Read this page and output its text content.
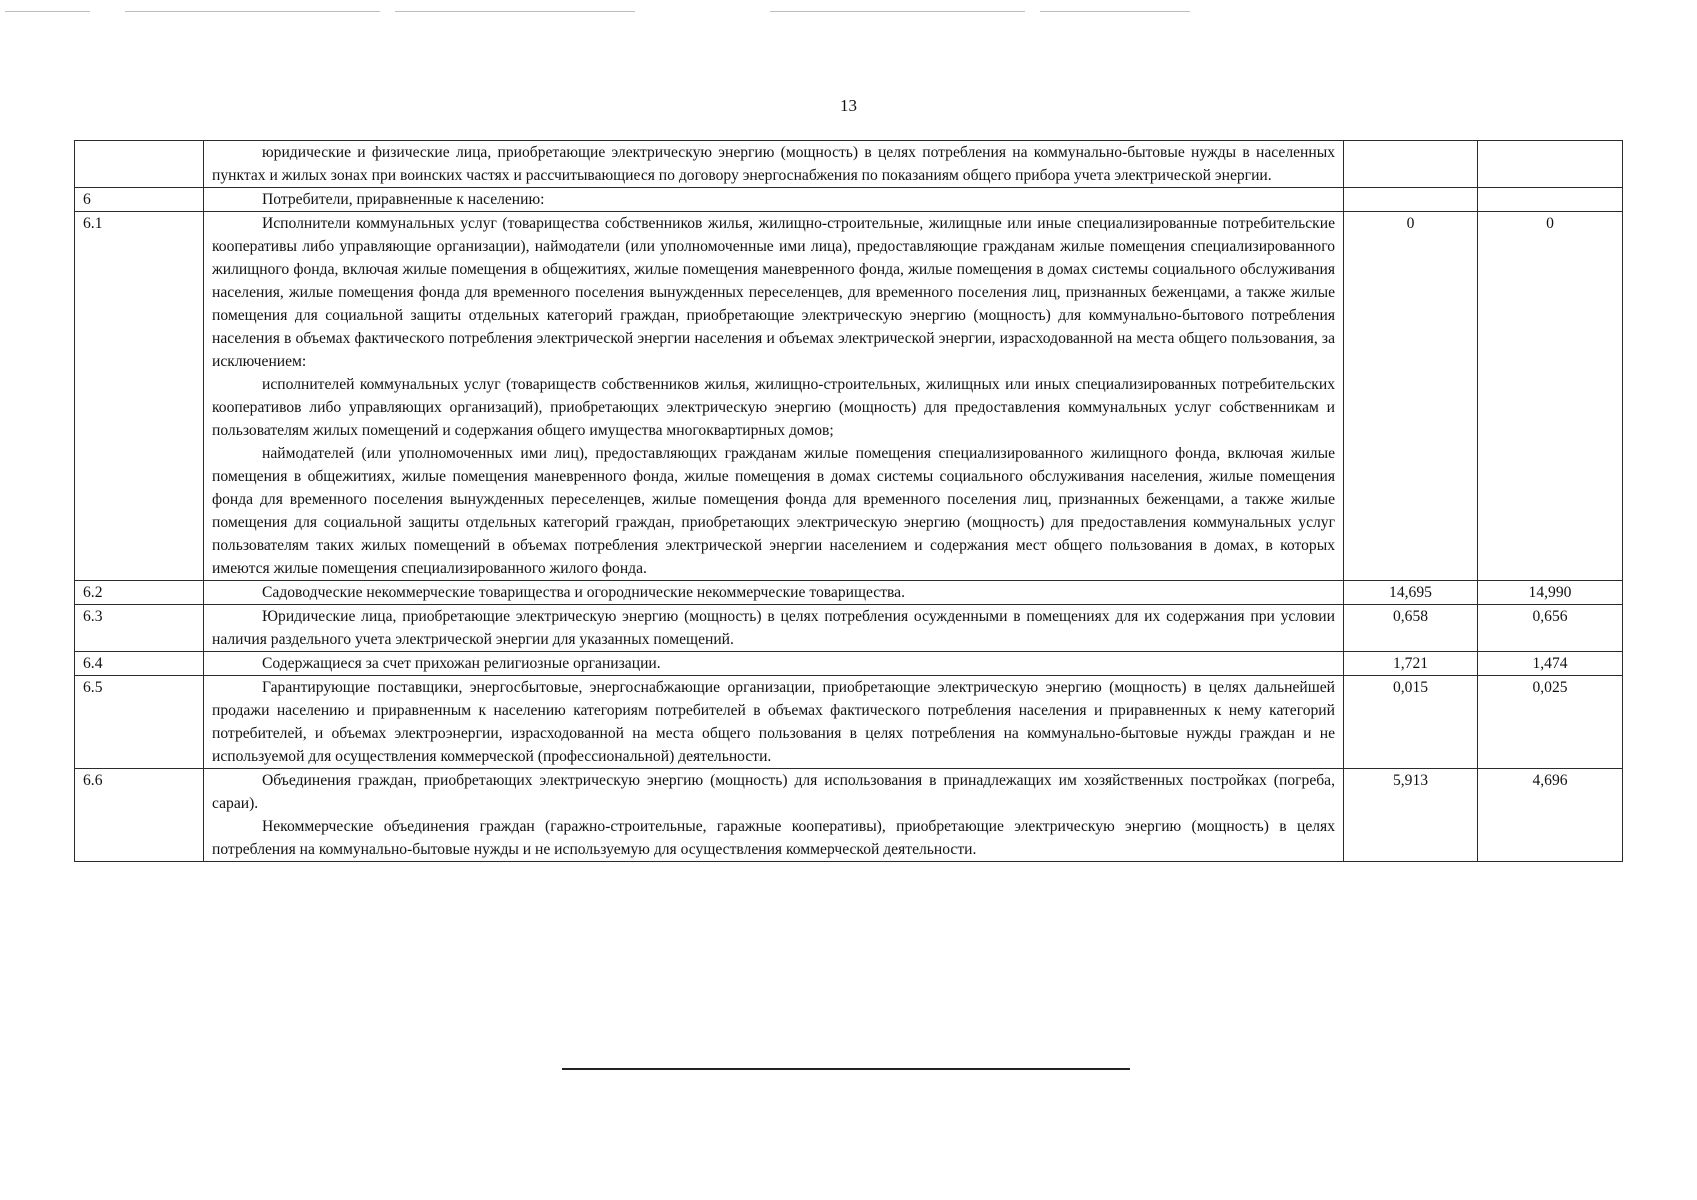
13

	юридические и физические лица, приобретающие электрическую энергию (мощность) в целях потребления на коммунально-бытовые нужды в населенных пунктах и жилых зонах при воинских частях и рассчитывающиеся по договору энергоснабжения по показаниям общего прибора учета электрической энергии.		

6	Потребители, приравненные к населению:		

6.1	Исполнители коммунальных услуг (товарищества собственников жилья, жилищно-строительные, жилищные или иные специализированные потребительские кооперативы либо управляющие организации), наймодатели (или уполномоченные ими лица), предоставляющие гражданам жилые помещения специализированного жилищного фонда, включая жилые помещения в общежитиях, жилые помещения маневренного фонда, жилые помещения в домах системы социального обслуживания населения, жилые помещения фонда для временного поселения вынужденных переселенцев, для временного поселения лиц, признанных беженцами, а также жилые помещения для социальной защиты отдельных категорий граждан, приобретающие электрическую энергию (мощность) для коммунально-бытового потребления населения в объемах фактического потребления электрической энергии населения и объемах электрической энергии, израсходованной на места общего пользования, за исключением:

исполнителей коммунальных услуг (товариществ собственников жилья, жилищно-строительных, жилищных или иных специализированных потребительских кооперативов либо управляющих организаций), приобретающих электрическую энергию (мощность) для предоставления коммунальных услуг собственникам и пользователям жилых помещений и содержания общего имущества многоквартирных домов;

наймодателей (или уполномоченных ими лиц), предоставляющих гражданам жилые помещения специализированного жилищного фонда, включая жилые помещения в общежитиях, жилые помещения маневренного фонда, жилые помещения в домах системы социального обслуживания населения, жилые помещения фонда для временного поселения вынужденных переселенцев, жилые помещения фонда для временного поселения лиц, признанных беженцами, а также жилые помещения для социальной защиты отдельных категорий граждан, приобретающих электрическую энергию (мощность) для предоставления коммунальных услуг пользователям таких жилых помещений в объемах потребления электрической энергии населением и содержания мест общего пользования в домах, в которых имеются жилые помещения специализированного жилого фонда.	0	0
6.2	Садоводческие некоммерческие товарищества и огороднические некоммерческие товарищества.	14,695	14,990
6.3	Юридические лица, приобретающие электрическую энергию (мощность) в целях потребления осужденными в помещениях для их содержания при условии наличия раздельного учета электрической энергии для указанных помещений.	0,658	0,656
6.4	Содержащиеся за счет прихожан религиозные организации.	1,721	1,474
6.5	Гарантирующие поставщики, энергосбытовые, энергоснабжающие организации, приобретающие электрическую энергию (мощность) в целях дальнейшей продажи населению и приравненным к населению категориям потребителей в объемах фактического потребления населения и приравненных к нему категорий потребителей, и объемах электроэнергии, израсходованной на места общего пользования в целях потребления на коммунально-бытовые нужды граждан и не используемой для осуществления коммерческой (профессиональной) деятельности.	0,015	0,025
6.6	Объединения граждан, приобретающих электрическую энергию (мощность) для использования в принадлежащих им хозяйственных постройках (погреба, сараи).

Некоммерческие объединения граждан (гаражно-строительные, гаражные кооперативы), приобретающие электрическую энергию (мощность) в целях потребления на коммунально-бытовые нужды и не используемую для осуществления коммерческой деятельности.	5,913	4,696
